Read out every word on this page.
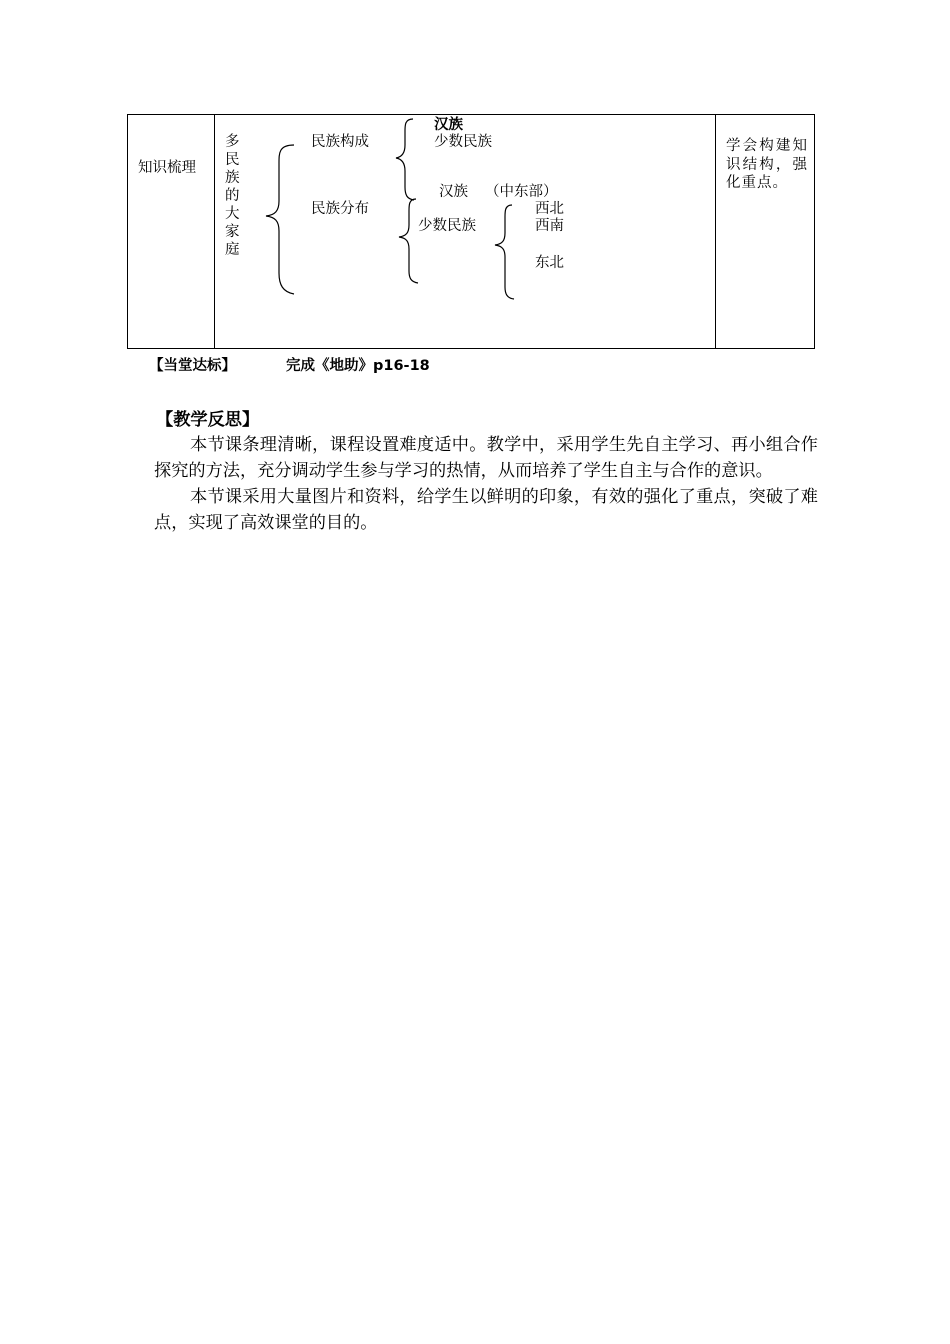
知识梳理
多民族的大家庭
民族构成
民族分布
汉族
少数民族
汉族 （中东部）
少数民族
西北
西南
东北
学会构建知识结构，强化重点。
【当堂达标】	完成《地助》p16-18
【教学反思】

本节课条理清晰，课程设置难度适中。教学中，采用学生先自主学习、再小组合作探究的方法，充分调动学生参与学习的热情，从而培养了学生自主与合作的意识。

本节课采用大量图片和资料，给学生以鲜明的印象，有效的强化了重点，突破了难点，实现了高效课堂的目的。
